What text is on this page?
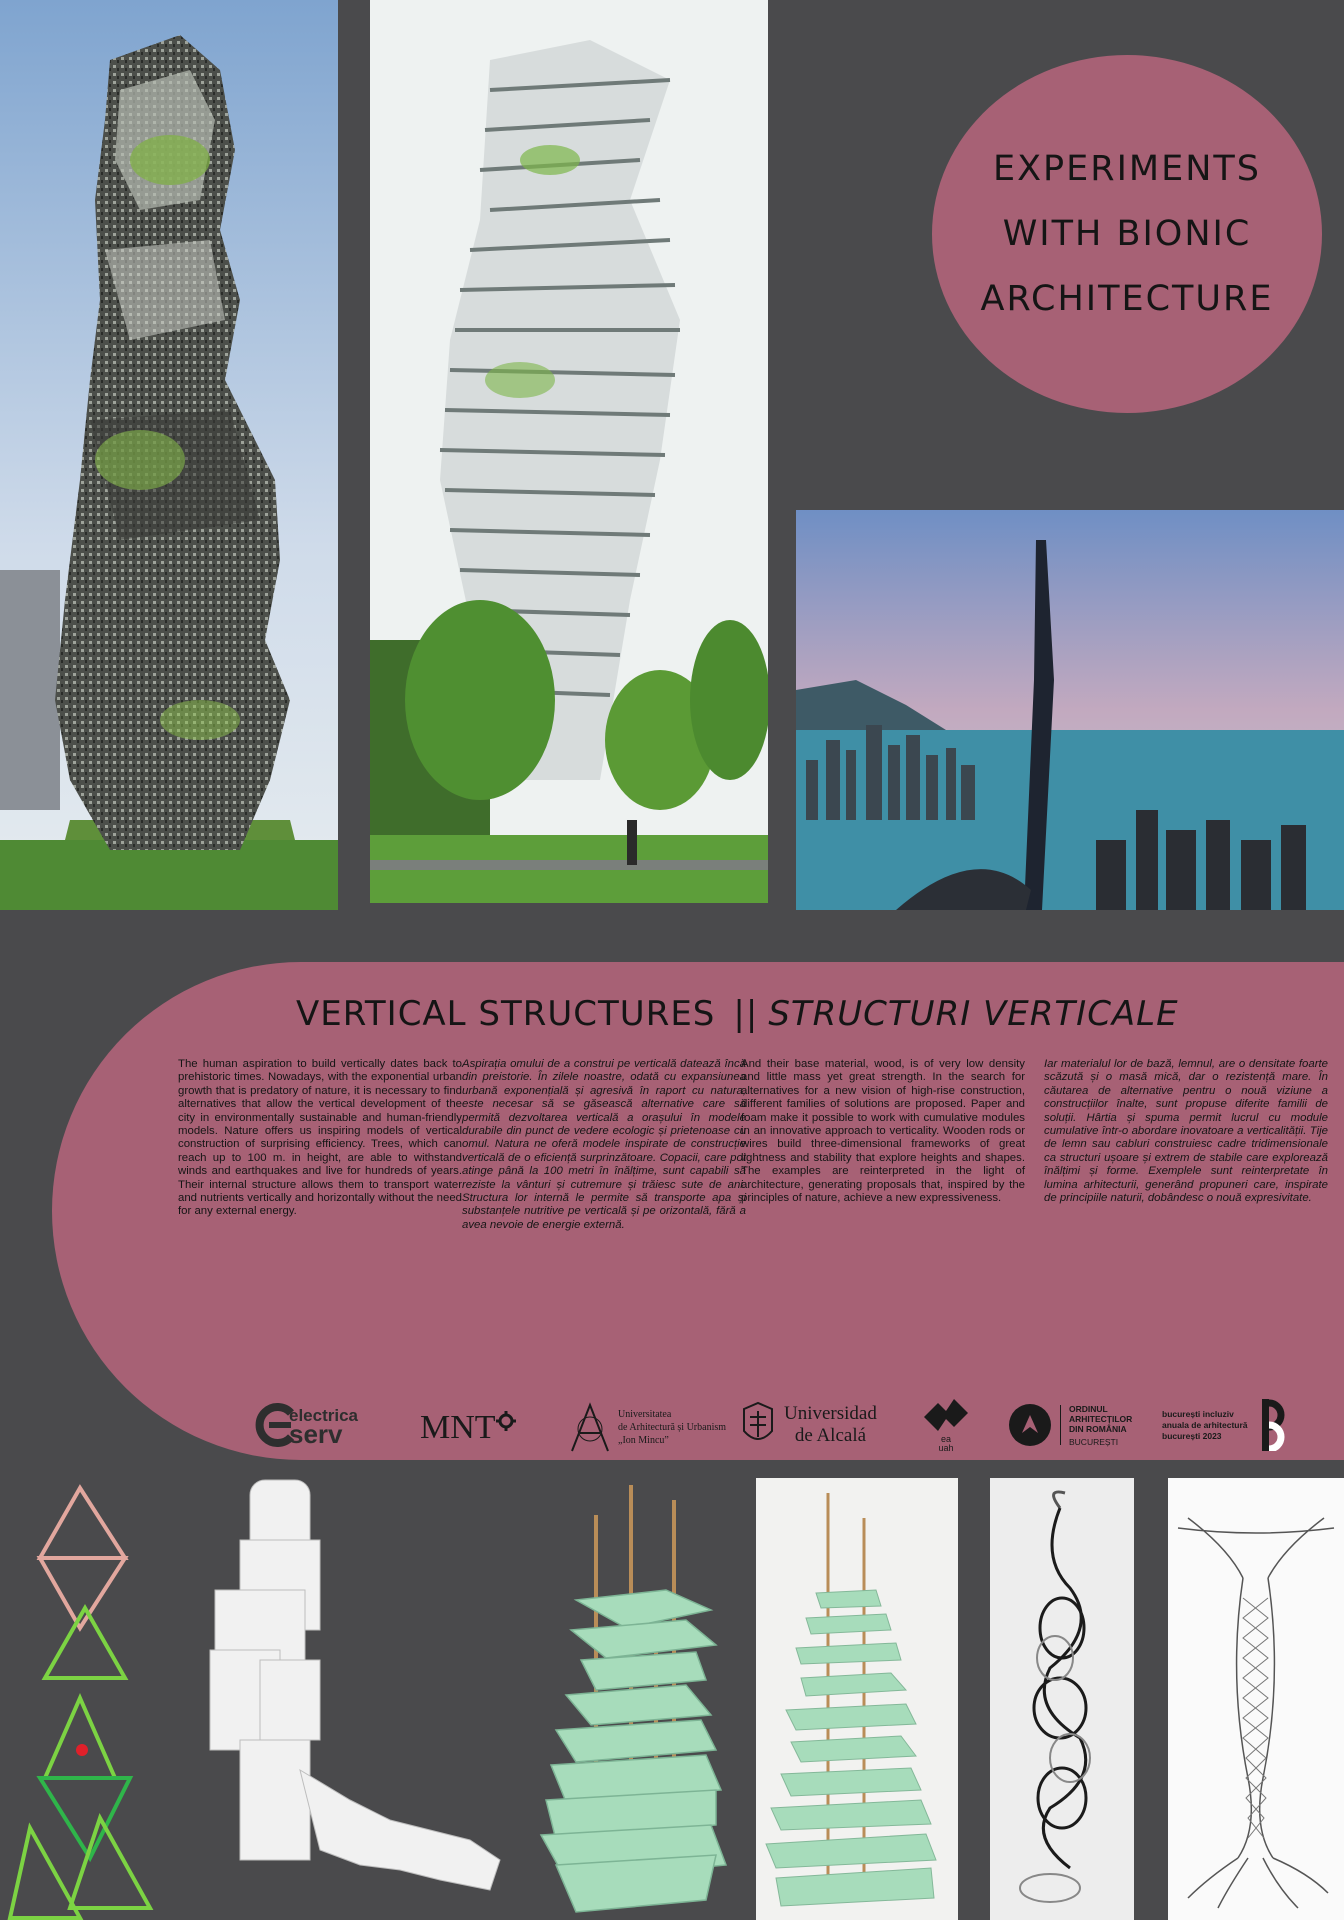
EXPERIMENTS
WITH BIONIC
ARCHITECTURE
VERTICAL STRUCTURES || STRUCTURI VERTICALE

The human aspiration to build vertically dates back to prehistoric times. Nowadays, with the exponential urban growth that is predatory of nature, it is necessary to find alternatives that allow the vertical development of the city in environmentally sustainable and human-friendly models. Nature offers us inspiring models of vertical construction of surprising efficiency. Trees, which can reach up to 100 m. in height, are able to withstand winds and earthquakes and live for hundreds of years. Their internal structure allows them to transport water and nutrients vertically and horizontally without the need for any external energy.

Aspirația omului de a construi pe verticală datează încă din preistorie. În zilele noastre, odată cu expansiunea urbană exponențială și agresivă în raport cu natura, este necesar să se găsească alternative care să permită dezvoltarea verticală a orașului în modele durabile din punct de vedere ecologic și prietenoase cu omul. Natura ne oferă modele inspirate de construcție verticală de o eficiență surprinzătoare. Copacii, care pot atinge până la 100 metri în înălțime, sunt capabili să reziste la vânturi și cutremure și trăiesc sute de ani. Structura lor internă le permite să transporte apa și substanțele nutritive pe verticală și pe orizontală, fără a avea nevoie de energie externă.

And their base material, wood, is of very low density and little mass yet great strength. In the search for alternatives for a new vision of high-rise construction, different families of solutions are proposed. Paper and foam make it possible to work with cumulative modules in an innovative approach to verticality. Wooden rods or wires build three-dimensional frameworks of great lightness and stability that explore heights and shapes. The examples are reinterpreted in the light of architecture, generating proposals that, inspired by the principles of nature, achieve a new expressiveness.

Iar materialul lor de bază, lemnul, are o densitate foarte scăzută și o masă mică, dar o rezistență mare. În căutarea de alternative pentru o nouă viziune a construcțiilor înalte, sunt propuse diferite familii de soluții. Hârtia și spuma permit lucrul cu module cumulative într-o abordare inovatoare a verticalității. Tije de lemn sau cabluri construiesc cadre tridimensionale ca structuri ușoare și extrem de stabile care explorează înălțimi și forme. Exemplele sunt reinterpretate în lumina arhitecturii, generând propuneri care, inspirate de principiile naturii, dobândesc o nouă expresivitate.

electrica
serv	MNT	Universitatea
de Arhitectură și Urbanism
„Ion Mincu”
Universidad
de Alcalá	ea
uah
ORDINUL
ARHITECȚILOR
DIN ROMÂNIA
BUCUREȘTI
bucurești incluziv
anuala de arhitectură
bucurești 2023
